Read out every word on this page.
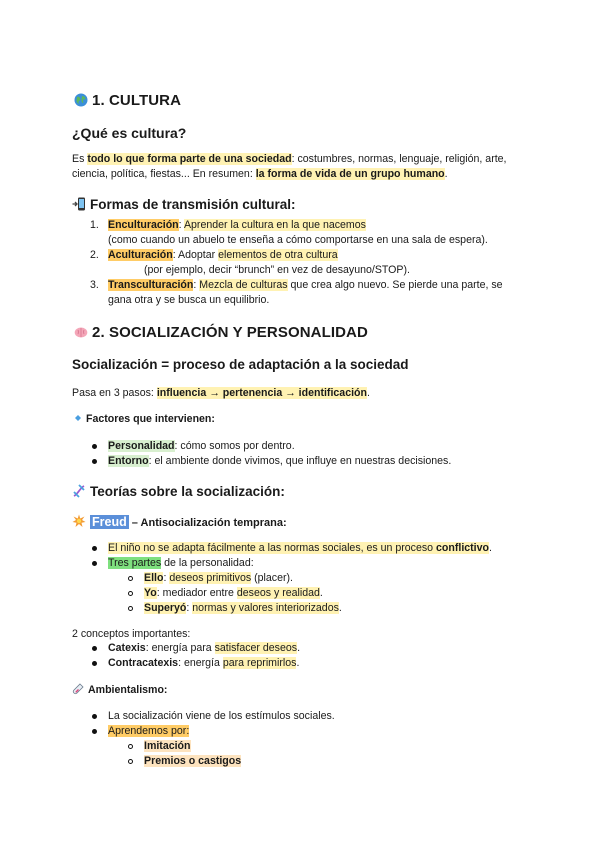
1. CULTURA
¿Qué es cultura?
Es todo lo que forma parte de una sociedad: costumbres, normas, lenguaje, religión, arte,
ciencia, política, fiestas... En resumen: la forma de vida de un grupo humano.
Formas de transmisión cultural:
1. Enculturación: Aprender la cultura en la que nacemos
(como cuando un abuelo te enseña a cómo comportarse en una sala de espera).
2. Aculturación: Adoptar elementos de otra cultura
(por ejemplo, decir “brunch” en vez de desayuno/STOP).
3. Transculturación: Mezcla de culturas que crea algo nuevo. Se pierde una parte, se
gana otra y se busca un equilibrio.
2. SOCIALIZACIÓN Y PERSONALIDAD
Socialización = proceso de adaptación a la sociedad
Pasa en 3 pasos: influencia → pertenencia → identificación.
Factores que intervienen:
Personalidad: cómo somos por dentro.
Entorno: el ambiente donde vivimos, que influye en nuestras decisiones.
Teorías sobre la socialización:
Freud – Antisocialización temprana:
El niño no se adapta fácilmente a las normas sociales, es un proceso conflictivo.
Tres partes de la personalidad:
Ello: deseos primitivos (placer).
Yo: mediador entre deseos y realidad.
Superyó: normas y valores interiorizados.
2 conceptos importantes:
Catexis: energía para satisfacer deseos.
Contracatexis: energía para reprimirlos.
Ambientalismo:
La socialización viene de los estímulos sociales.
Aprendemos por:
Imitación
Premios o castigos
